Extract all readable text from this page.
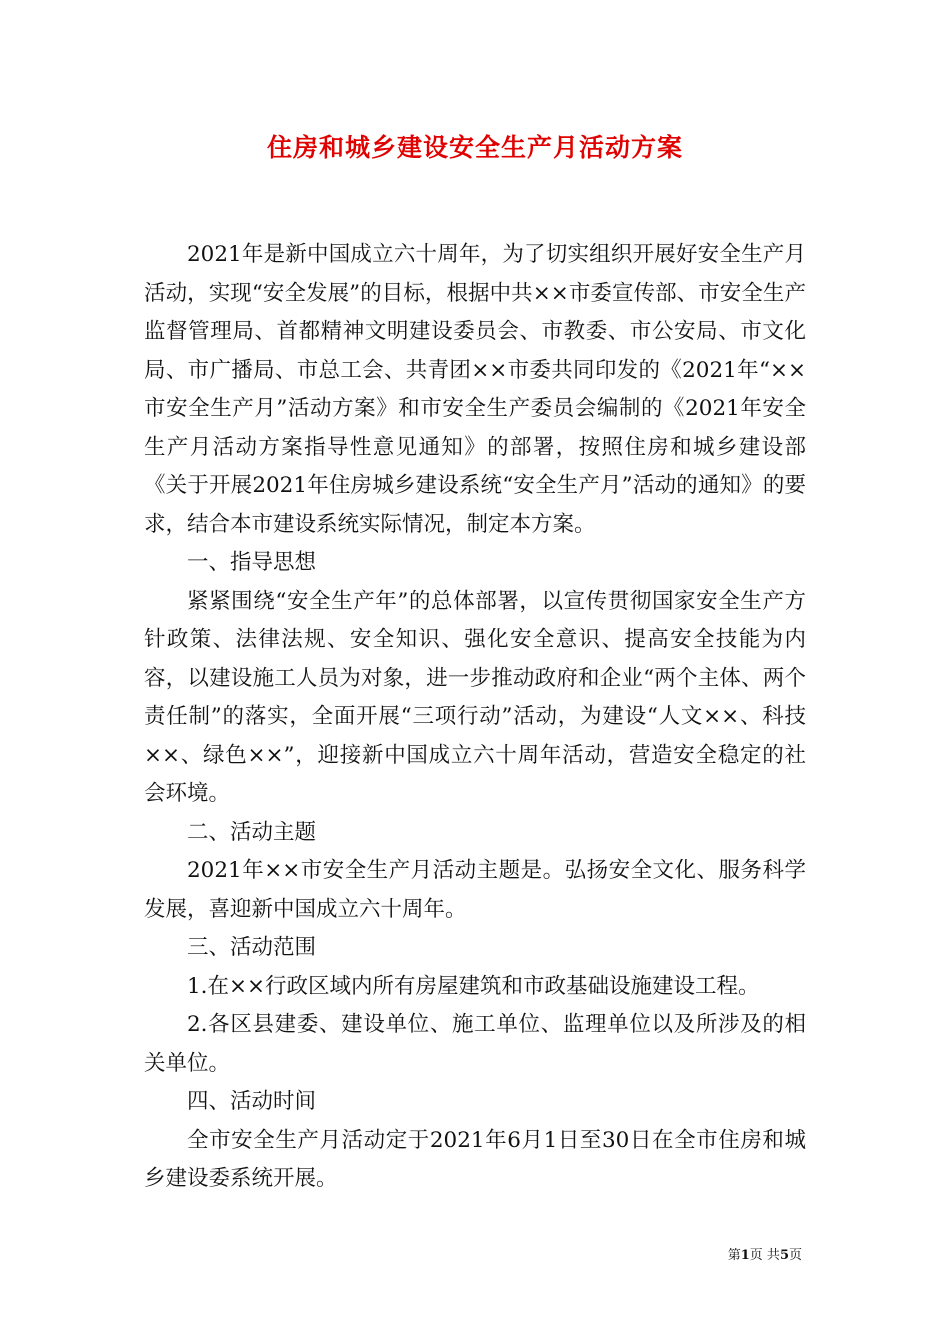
住房和城乡建设安全生产月活动方案

2021年是新中国成立六十周年，为了切实组织开展好安全生产月活动，实现“安全发展”的目标，根据中共××市委宣传部、市安全生产监督管理局、首都精神文明建设委员会、市教委、市公安局、市文化局、市广播局、市总工会、共青团××市委共同印发的《2021年“××市安全生产月”活动方案》和市安全生产委员会编制的《2021年安全生产月活动方案指导性意见通知》的部署，按照住房和城乡建设部《关于开展2021年住房城乡建设系统“安全生产月”活动的通知》的要求，结合本市建设系统实际情况，制定本方案。

一、指导思想

紧紧围绕“安全生产年”的总体部署，以宣传贯彻国家安全生产方针政策、法律法规、安全知识、强化安全意识、提高安全技能为内容，以建设施工人员为对象，进一步推动政府和企业“两个主体、两个责任制”的落实，全面开展“三项行动”活动，为建设“人文××、科技××、绿色××”，迎接新中国成立六十周年活动，营造安全稳定的社会环境。

二、活动主题

2021年××市安全生产月活动主题是。弘扬安全文化、服务科学发展，喜迎新中国成立六十周年。

三、活动范围

1.在××行政区域内所有房屋建筑和市政基础设施建设工程。

2.各区县建委、建设单位、施工单位、监理单位以及所涉及的相关单位。

四、活动时间

全市安全生产月活动定于2021年6月1日至30日在全市住房和城乡建设委系统开展。

第1页 共5页
